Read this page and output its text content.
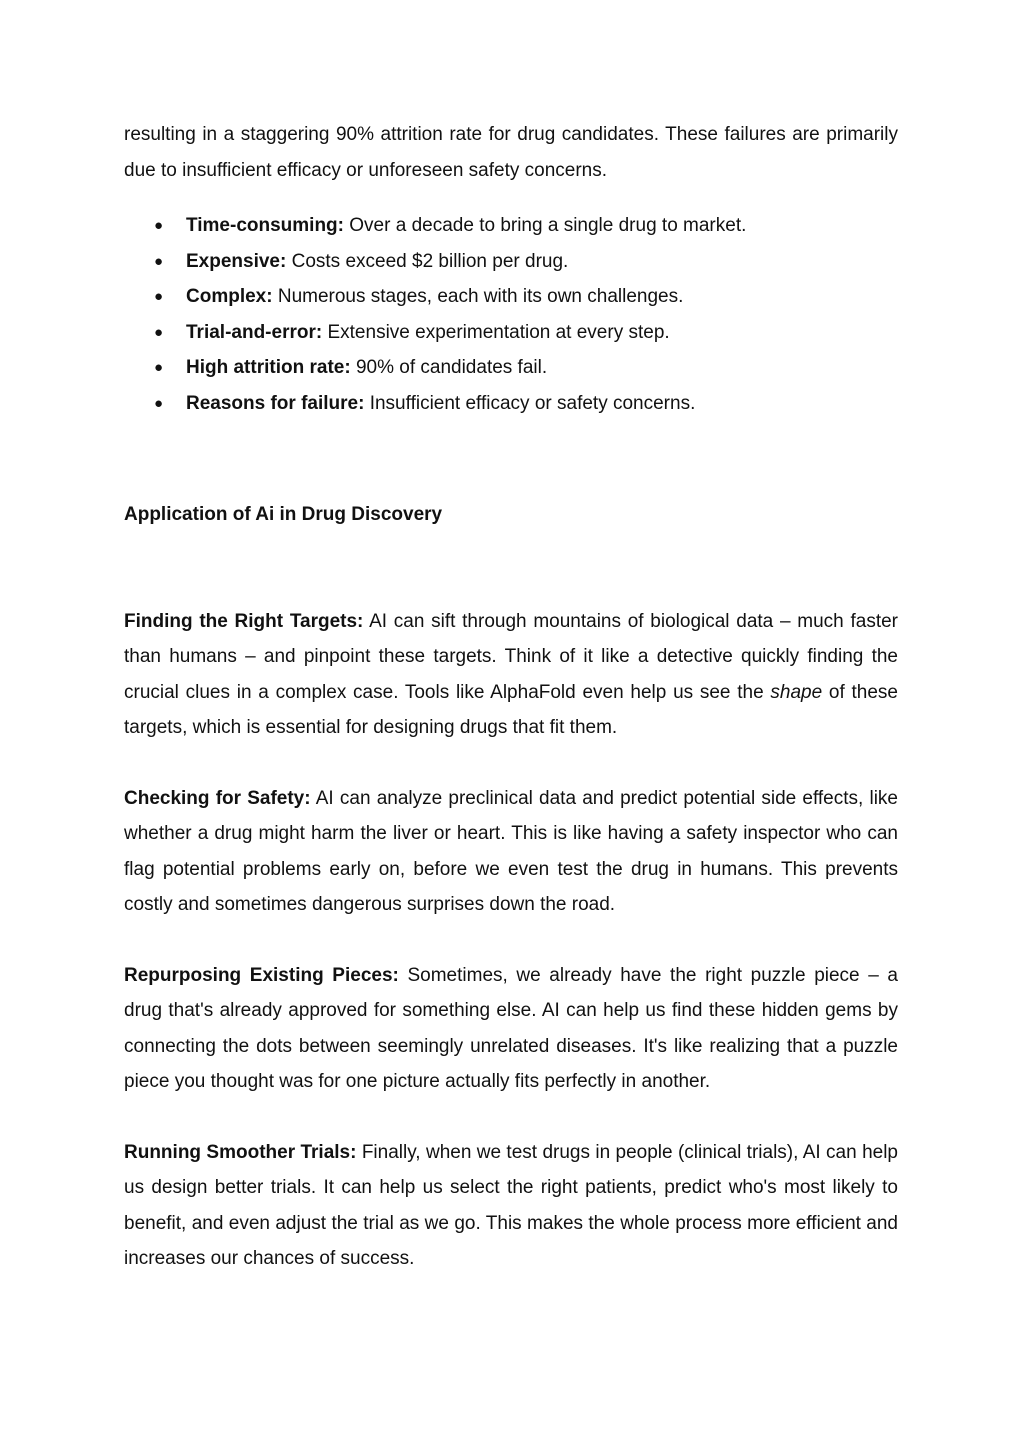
resulting in a staggering 90% attrition rate for drug candidates. These failures are primarily due to insufficient efficacy or unforeseen safety concerns.

● Time-consuming: Over a decade to bring a single drug to market.
● Expensive: Costs exceed $2 billion per drug.
● Complex: Numerous stages, each with its own challenges.
● Trial-and-error: Extensive experimentation at every step.
● High attrition rate: 90% of candidates fail.
● Reasons for failure: Insufficient efficacy or safety concerns.
Application of Ai in Drug Discovery

Finding the Right Targets: AI can sift through mountains of biological data – much faster than humans – and pinpoint these targets. Think of it like a detective quickly finding the crucial clues in a complex case. Tools like AlphaFold even help us see the shape of these targets, which is essential for designing drugs that fit them.

Checking for Safety: AI can analyze preclinical data and predict potential side effects, like whether a drug might harm the liver or heart. This is like having a safety inspector who can flag potential problems early on, before we even test the drug in humans. This prevents costly and sometimes dangerous surprises down the road.

Repurposing Existing Pieces: Sometimes, we already have the right puzzle piece – a drug that's already approved for something else. AI can help us find these hidden gems by connecting the dots between seemingly unrelated diseases. It's like realizing that a puzzle piece you thought was for one picture actually fits perfectly in another.

Running Smoother Trials: Finally, when we test drugs in people (clinical trials), AI can help us design better trials. It can help us select the right patients, predict who's most likely to benefit, and even adjust the trial as we go. This makes the whole process more efficient and increases our chances of success.
